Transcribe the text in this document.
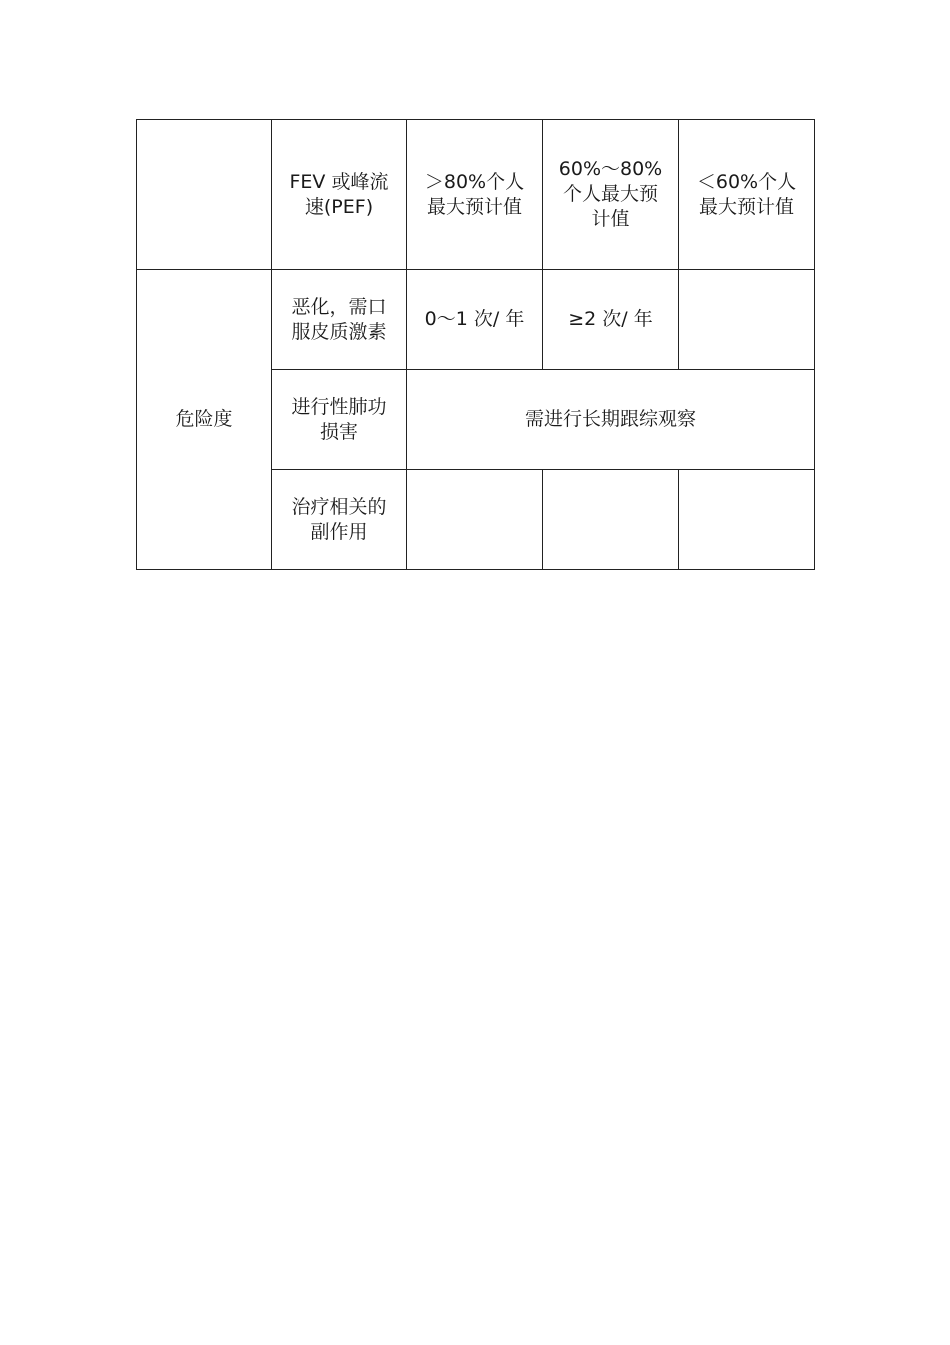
	FEV 或峰流速(PEF)	＞80%个人最大预计值	60%～80%个人最大预计值	＜60%个人最大预计值

危险度	恶化，需口服皮质激素	0～1 次/ 年	≥2 次/ 年	

	进行性肺功损害	需进行长期跟综观察		

	治疗相关的副作用			
